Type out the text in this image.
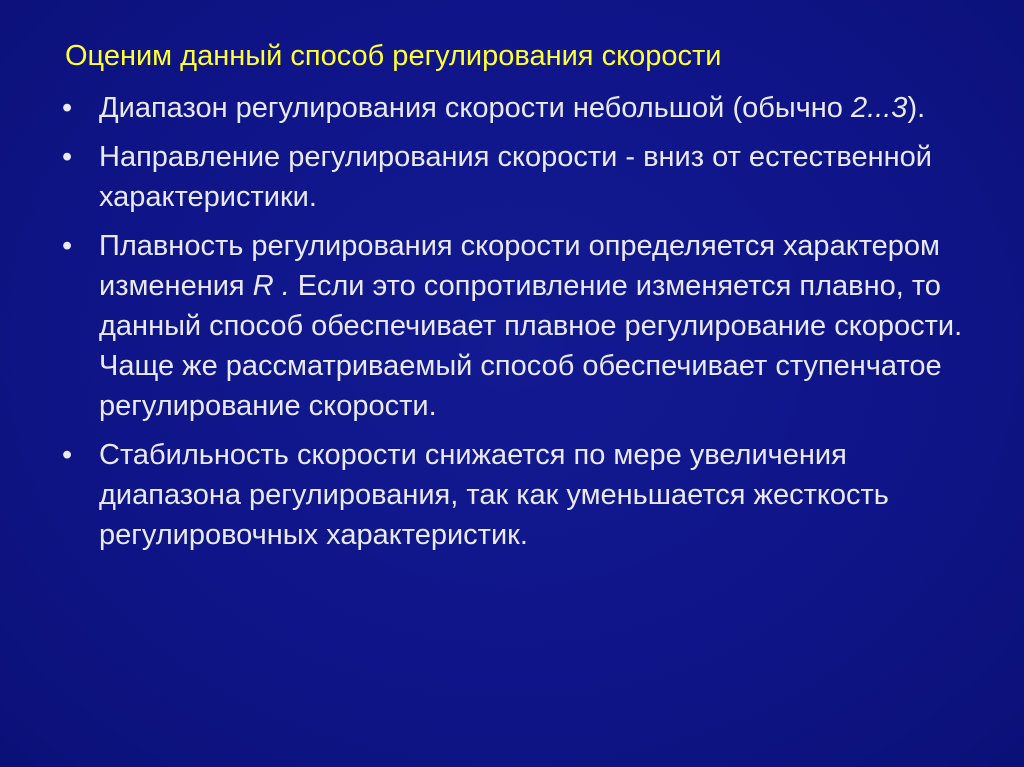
Оценим данный способ регулирования скорости
• Диапазон регулирования скорости небольшой (обычно 2...3).
• Направление регулирования скорости - вниз от естественной характеристики.
• Плавность регулирования скорости определяется характером изменения R . Если это сопротивление изменяется плавно, то данный способ обеспечивает плавное регулирование скорости. Чаще же рассматриваемый способ обеспечивает ступенчатое регулирование скорости.
• Стабильность скорости снижается по мере увеличения диапазона регулирования, так как уменьшается жесткость регулировочных характеристик.
